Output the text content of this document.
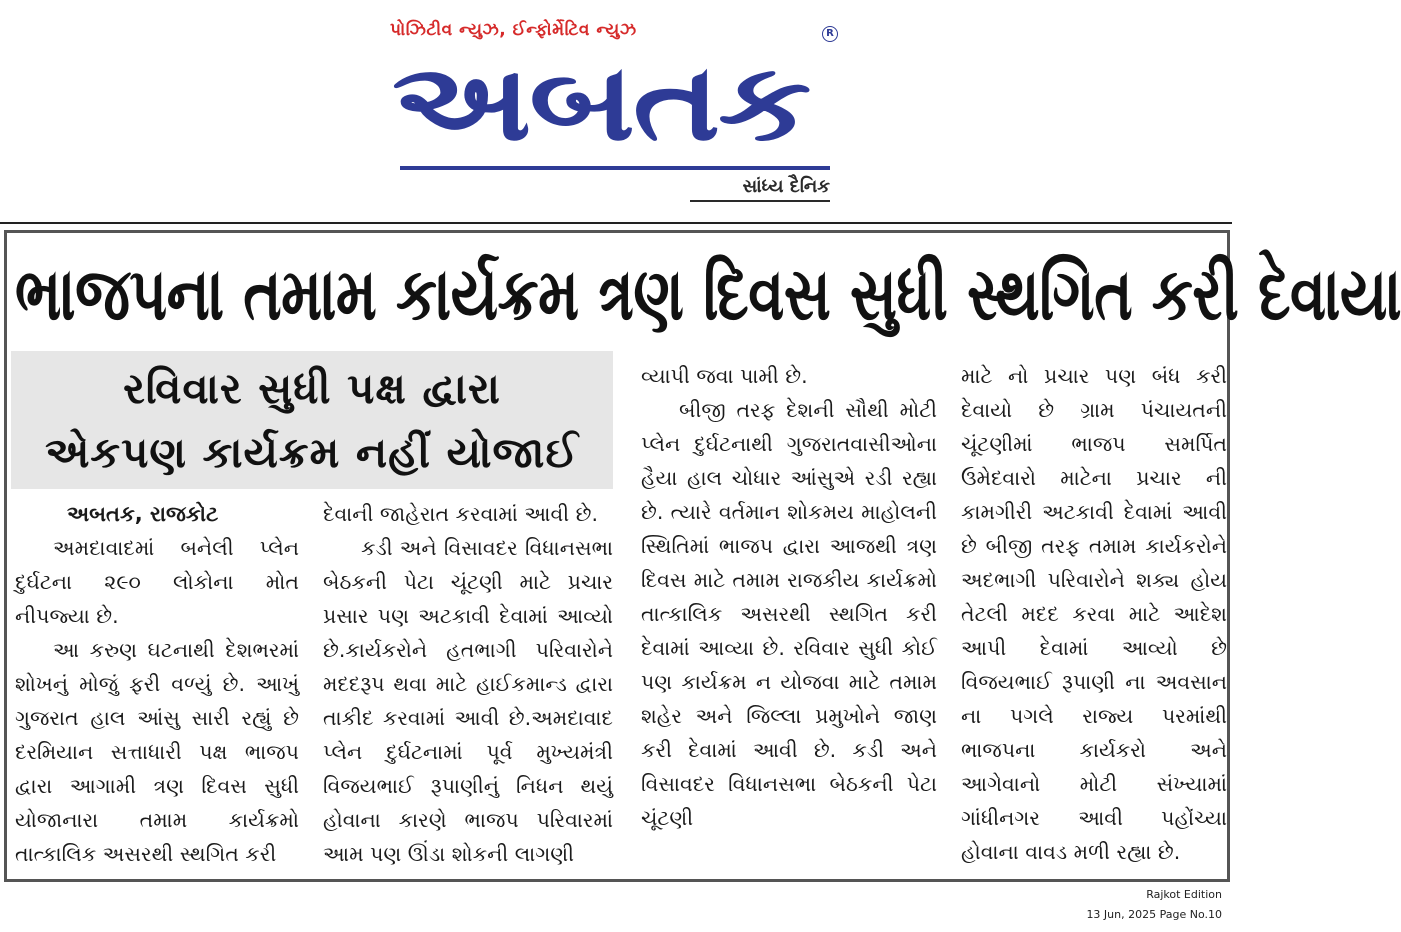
પોઝિટીવ ન્યુઝ, ઈન્ફોર્મેટિવ ન્યુઝ	R
અબતક
સાંધ્ય દૈનિક
ભાજપના તમામ કાર્યક્રમ ત્રણ દિવસ સુધી સ્થગિત કરી દેવાયા
રવિવાર સુધી પક્ષ દ્વારા
એકપણ કાર્યક્રમ નહીં યોજાઈ

અબતક, રાજકોટ

અમદાવાદમાં બનેલી પ્લેન દુર્ઘટના ૨૯૦ લોકોના મોત નીપજ્યા છે.

આ કરુણ ઘટનાથી દેશભરમાં શોખનું મોજું ફરી વળ્યું છે. આખું ગુજરાત હાલ આંસુ સારી રહ્યું છે દરમિયાન સત્તાધારી પક્ષ ભાજપ દ્વારા આગામી ત્રણ દિવસ સુધી યોજાનારા તમામ કાર્યક્રમો તાત્કાલિક અસરથી સ્થગિત કરી

દેવાની જાહેરાત કરવામાં આવી છે.

કડી અને વિસાવદર વિધાનસભા બેઠકની પેટા ચૂંટણી માટે પ્રચાર પ્રસાર પણ અટકાવી દેવામાં આવ્યો છે.કાર્યકરોને હતભાગી પરિવારોને મદદરૂપ થવા માટે હાઈકમાન્ડ દ્વારા તાકીદ કરવામાં આવી છે.અમદાવાદ પ્લેન દુર્ઘટનામાં પૂર્વ મુખ્યમંત્રી વિજયભાઈ રૂપાણીનું નિધન થયું હોવાના કારણે ભાજપ પરિવારમાં આમ પણ ઊંડા શોકની લાગણી

વ્યાપી જવા પામી છે.

બીજી તરફ દેશની સૌથી મોટી પ્લેન દુર્ઘટનાથી ગુજરાતવાસીઓના હૈયા હાલ ચોધાર આંસુએ રડી રહ્યા છે. ત્યારે વર્તમાન શોકમય માહોલની સ્થિતિમાં ભાજપ દ્વારા આજથી ત્રણ દિવસ માટે તમામ રાજકીય કાર્યક્રમો તાત્કાલિક અસરથી સ્થગિત કરી દેવામાં આવ્યા છે. રવિવાર સુધી કોઈ પણ કાર્યક્રમ ન યોજવા માટે તમામ શહેર અને જિલ્લા પ્રમુખોને જાણ કરી દેવામાં આવી છે. કડી અને વિસાવદર વિધાનસભા બેઠકની પેટા ચૂંટણી

માટે નો પ્રચાર પણ બંધ કરી દેવાયો છે ગ્રામ પંચાયતની ચૂંટણીમાં ભાજપ સમર્પિત ઉમેદવારો માટેના પ્રચાર ની કામગીરી અટકાવી દેવામાં આવી છે બીજી તરફ તમામ કાર્યકરોને અદભાગી પરિવારોને શક્ય હોય તેટલી મદદ કરવા માટે આદેશ આપી દેવામાં આવ્યો છે વિજયભાઈ રૂપાણી ના અવસાન ના પગલે રાજ્ય પરમાંથી ભાજપના કાર્યકરો અને આગેવાનો મોટી સંખ્યામાં ગાંધીનગર આવી પહોંચ્યા હોવાના વાવડ મળી રહ્યા છે.

Rajkot Edition
13 Jun, 2025 Page No.10
